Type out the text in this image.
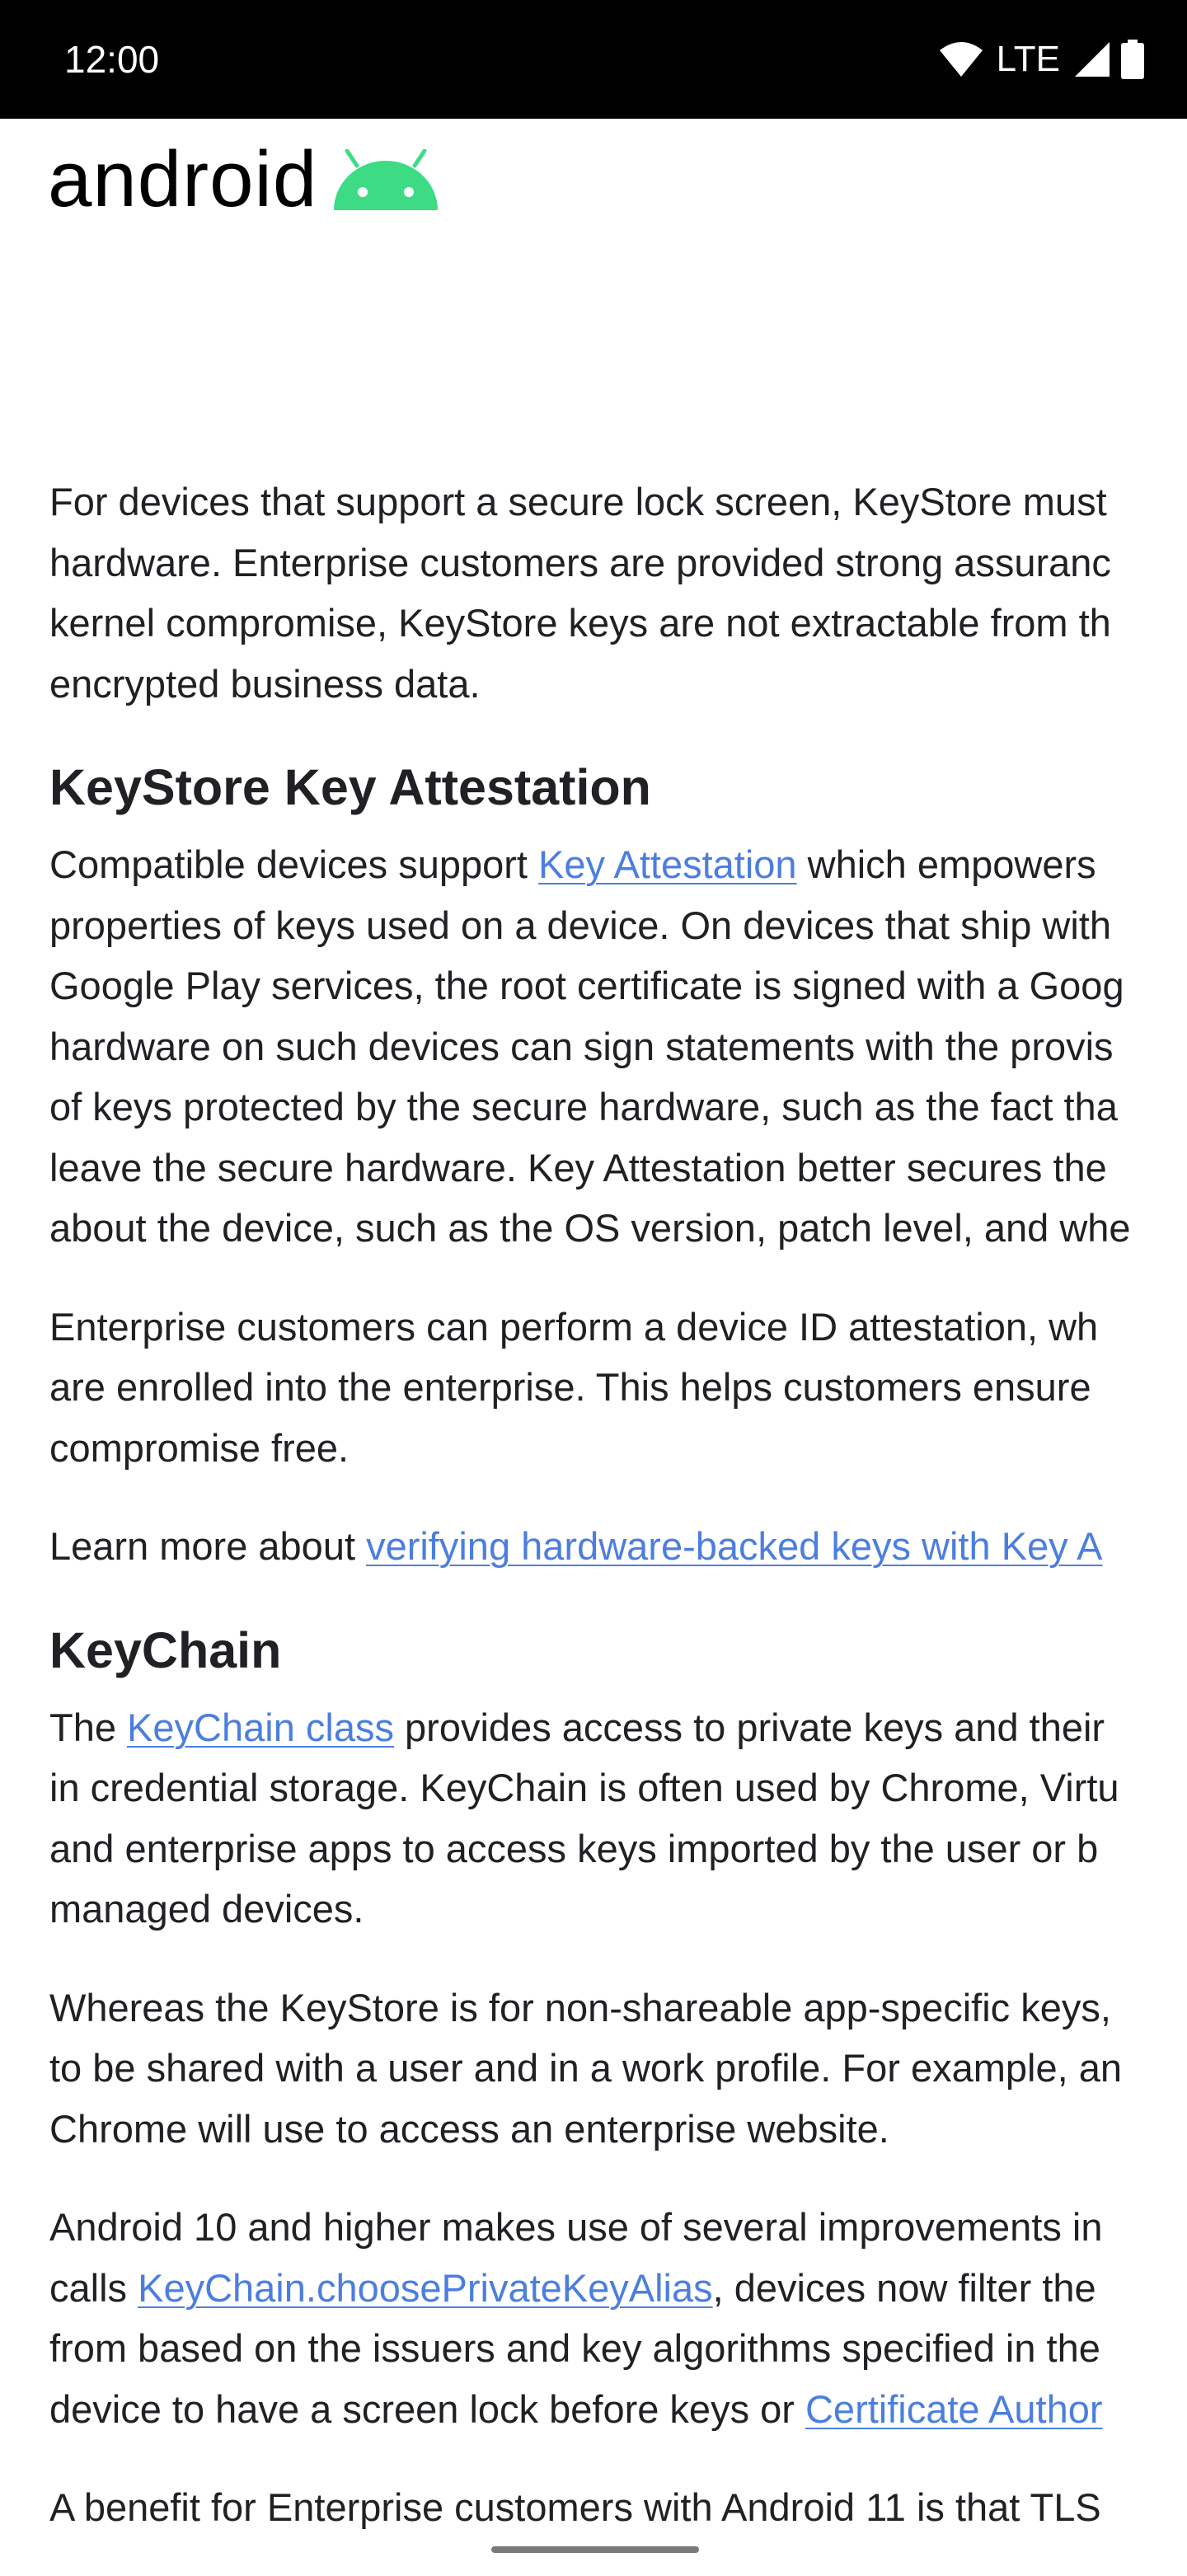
12:00	LTE
android

For devices that support a secure lock screen, KeyStore must
hardware. Enterprise customers are provided strong assuranc
kernel compromise, KeyStore keys are not extractable from th
encrypted business data.

KeyStore Key Attestation

Compatible devices support Key Attestation which empowers
properties of keys used on a device. On devices that ship with
Google Play services, the root certificate is signed with a Goog
hardware on such devices can sign statements with the provis
of keys protected by the secure hardware, such as the fact tha
leave the secure hardware. Key Attestation better secures the
about the device, such as the OS version, patch level, and whe

Enterprise customers can perform a device ID attestation, wh
are enrolled into the enterprise. This helps customers ensure
compromise free.

Learn more about verifying hardware-backed keys with Key A

KeyChain

The KeyChain class provides access to private keys and their
in credential storage. KeyChain is often used by Chrome, Virtu
and enterprise apps to access keys imported by the user or b
managed devices.

Whereas the KeyStore is for non-shareable app-specific keys,
to be shared with a user and in a work profile. For example, an
Chrome will use to access an enterprise website.

Android 10 and higher makes use of several improvements in
calls KeyChain.choosePrivateKeyAlias, devices now filter the
from based on the issuers and key algorithms specified in the
device to have a screen lock before keys or Certificate Author

A benefit for Enterprise customers with Android 11 is that TLS
